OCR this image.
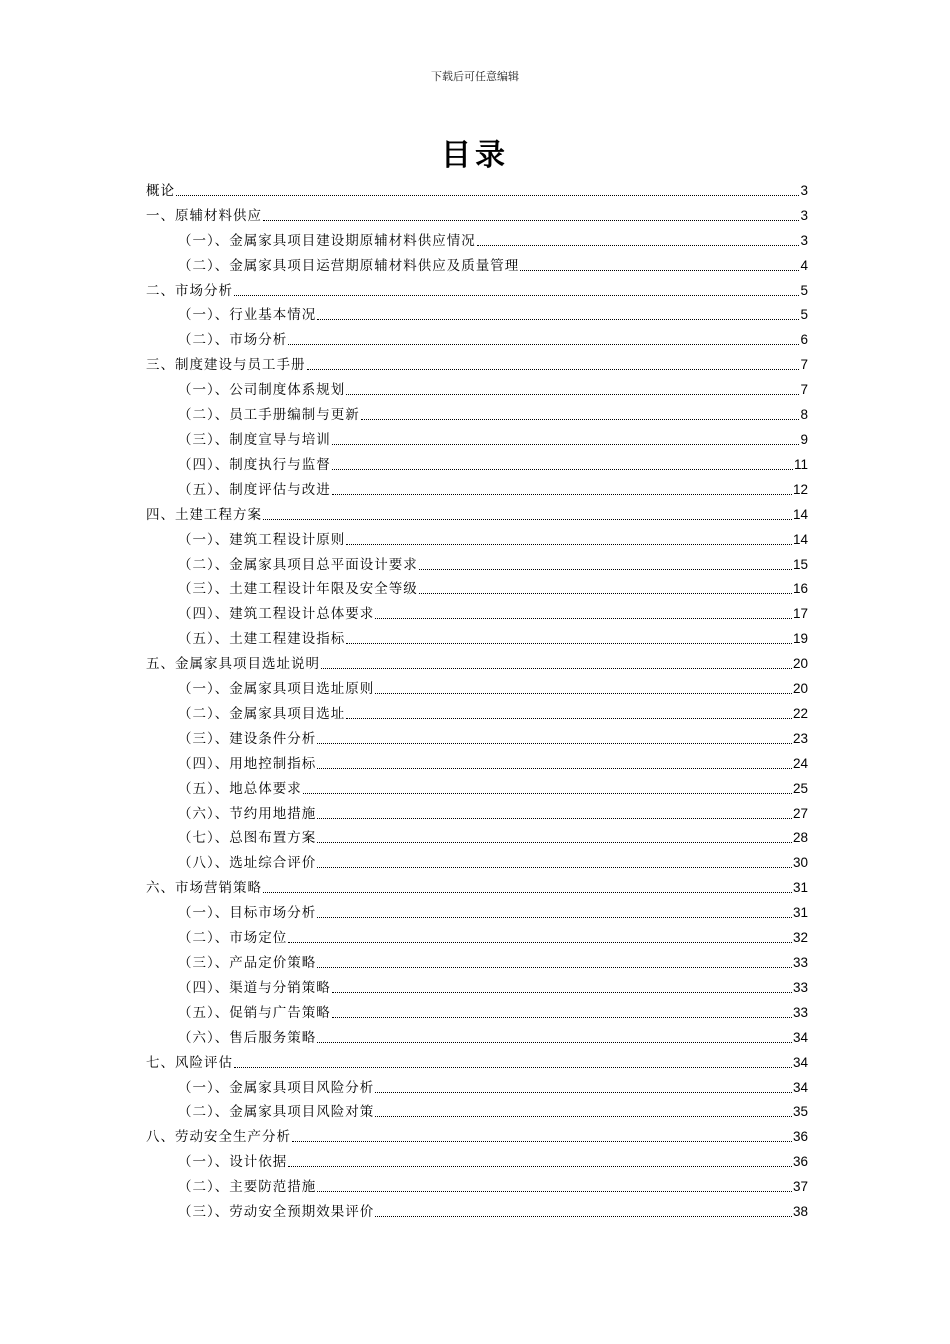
下载后可任意编辑
目录
概论	3
一、原辅材料供应	3
（一）、金属家具项目建设期原辅材料供应情况	3
（二）、金属家具项目运营期原辅材料供应及质量管理	4
二、市场分析	5
（一）、行业基本情况	5
（二）、市场分析	6
三、制度建设与员工手册	7
（一）、公司制度体系规划	7
（二）、员工手册编制与更新	8
（三）、制度宣导与培训	9
（四）、制度执行与监督	11
（五）、制度评估与改进	12
四、土建工程方案	14
（一）、建筑工程设计原则	14
（二）、金属家具项目总平面设计要求	15
（三）、土建工程设计年限及安全等级	16
（四）、建筑工程设计总体要求	17
（五）、土建工程建设指标	19
五、金属家具项目选址说明	20
（一）、金属家具项目选址原则	20
（二）、金属家具项目选址	22
（三）、建设条件分析	23
（四）、用地控制指标	24
（五）、地总体要求	25
（六）、节约用地措施	27
（七）、总图布置方案	28
（八）、选址综合评价	30
六、市场营销策略	31
（一）、目标市场分析	31
（二）、市场定位	32
（三）、产品定价策略	33
（四）、渠道与分销策略	33
（五）、促销与广告策略	33
（六）、售后服务策略	34
七、风险评估	34
（一）、金属家具项目风险分析	34
（二）、金属家具项目风险对策	35
八、劳动安全生产分析	36
（一）、设计依据	36
（二）、主要防范措施	37
（三）、劳动安全预期效果评价	38
